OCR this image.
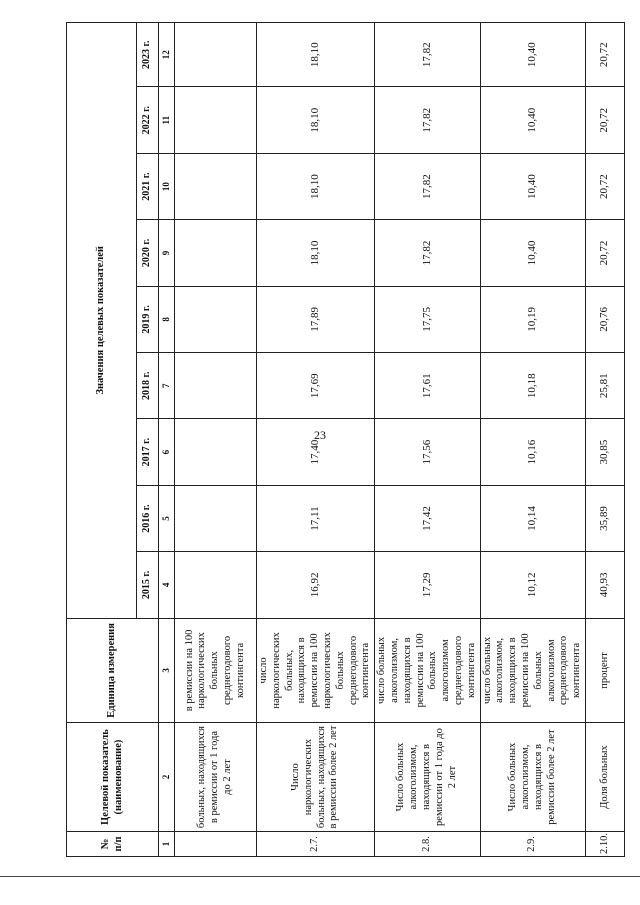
23
№ п/п	Целевой показатель (наименование)	Единица измерения	Значения целевых показателей								
			2015 г.	2016 г.	2017 г.	2018 г.	2019 г.	2020 г.	2021 г.	2022 г.	2023 г.
1	2	3	4	5	6	7	8	9	10	11	12
	больных, находящихся в ремиссии от 1 года до 2 лет	в ремиссии на 100 наркологических больных среднегодового контингента									
2.7.	Число наркологических больных, находящихся в ремиссии более 2 лет	число наркологических больных, находящихся в ремиссии на 100 наркологических больных среднегодового контингента	16,92	17,11	17,40	17,69	17,89	18,10	18,10	18,10	18,10
2.8.	Число больных алкоголизмом, находящихся в ремиссии от 1 года до 2 лет	число больных алкоголизмом, находящихся в ремиссии на 100 больных алкоголизмом среднегодового контингента	17,29	17,42	17,56	17,61	17,75	17,82	17,82	17,82	17,82
2.9.	Число больных алкоголизмом, находящихся в ремиссии более 2 лет	число больных алкоголизмом, находящихся в ремиссии на 100 больных алкоголизмом среднегодового контингента	10,12	10,14	10,16	10,18	10,19	10,40	10,40	10,40	10,40
2.10.	Доля больных	процент	40,93	35,89	30,85	25,81	20,76	20,72	20,72	20,72	20,72
